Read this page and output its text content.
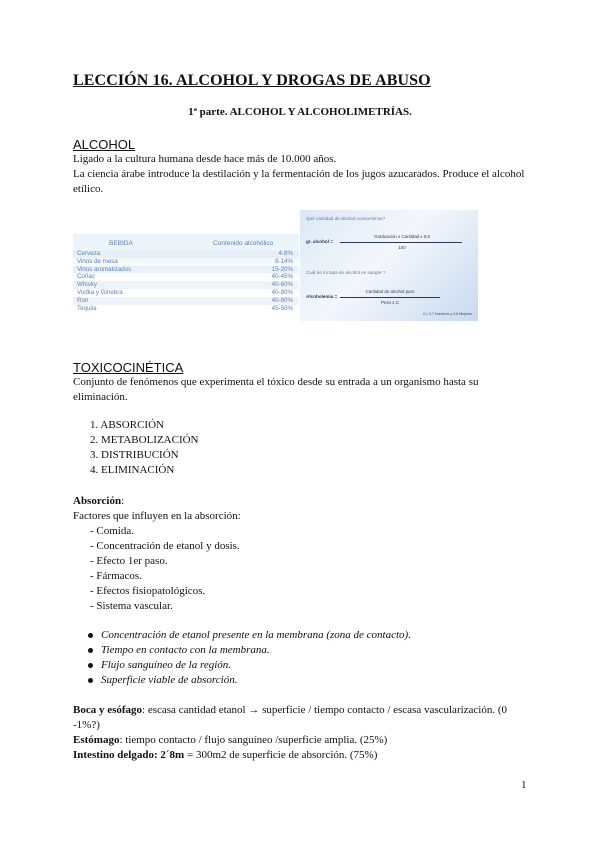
LECCIÓN 16. ALCOHOL Y DROGAS DE ABUSO
1ª parte. ALCOHOL Y ALCOHOLIMETRÍAS.
ALCOHOL
Ligado a la cultura humana desde hace más de 10.000 años.
La ciencia árabe introduce la destilación y la fermentación de los jugos azucarados. Produce el alcohol etílico.
BEBIDA	Contenido alcohólico
Cerveza	4-8%
Vinos de mesa	8-14%
Vinos aromatizados	15-20%
Coñac	40-45%
Whisky	40-60%
Vodka y Ginebra	40-80%
Ron	40-80%
Tequila	45-50%
Qué cantidad de alcohol consumimos?
Graduación x Cantidad x 0.8
gr. alcohol =
100
Cuál es mi tasa de alcohol en sangre ?
Cantidad de alcohol puro
Alcoholemia =
Peso x C
C= 0.7 Hombres y 0.6 Mujeres
TOXICOCINÉTICA
Conjunto de fenómenos que experimenta el tóxico desde su entrada a un organismo hasta su eliminación.
1. ABSORCIÓN
2. METABOLIZACIÓN
3. DISTRIBUCIÓN
4. ELIMINACIÓN
Absorción:
Factores que influyen en la absorción:
- Comida.
- Concentración de etanol y dosis.
- Efecto 1er paso.
- Fármacos.
- Efectos fisiopatológicos.
- Sistema vascular.
Concentración de etanol presente en la membrana (zona de contacto).
Tiempo en contacto con la membrana.
Flujo sanguíneo de la región.
Superficie viable de absorción.
Boca y esófago: escasa cantidad etanol → superficie / tiempo contacto / escasa vascularización. (0 -1%?)
Estómago: tiempo contacto / flujo sanguíneo /superficie amplia. (25%)
Intestino delgado: 2´8m = 300m2 de superficie de absorción. (75%)
1
